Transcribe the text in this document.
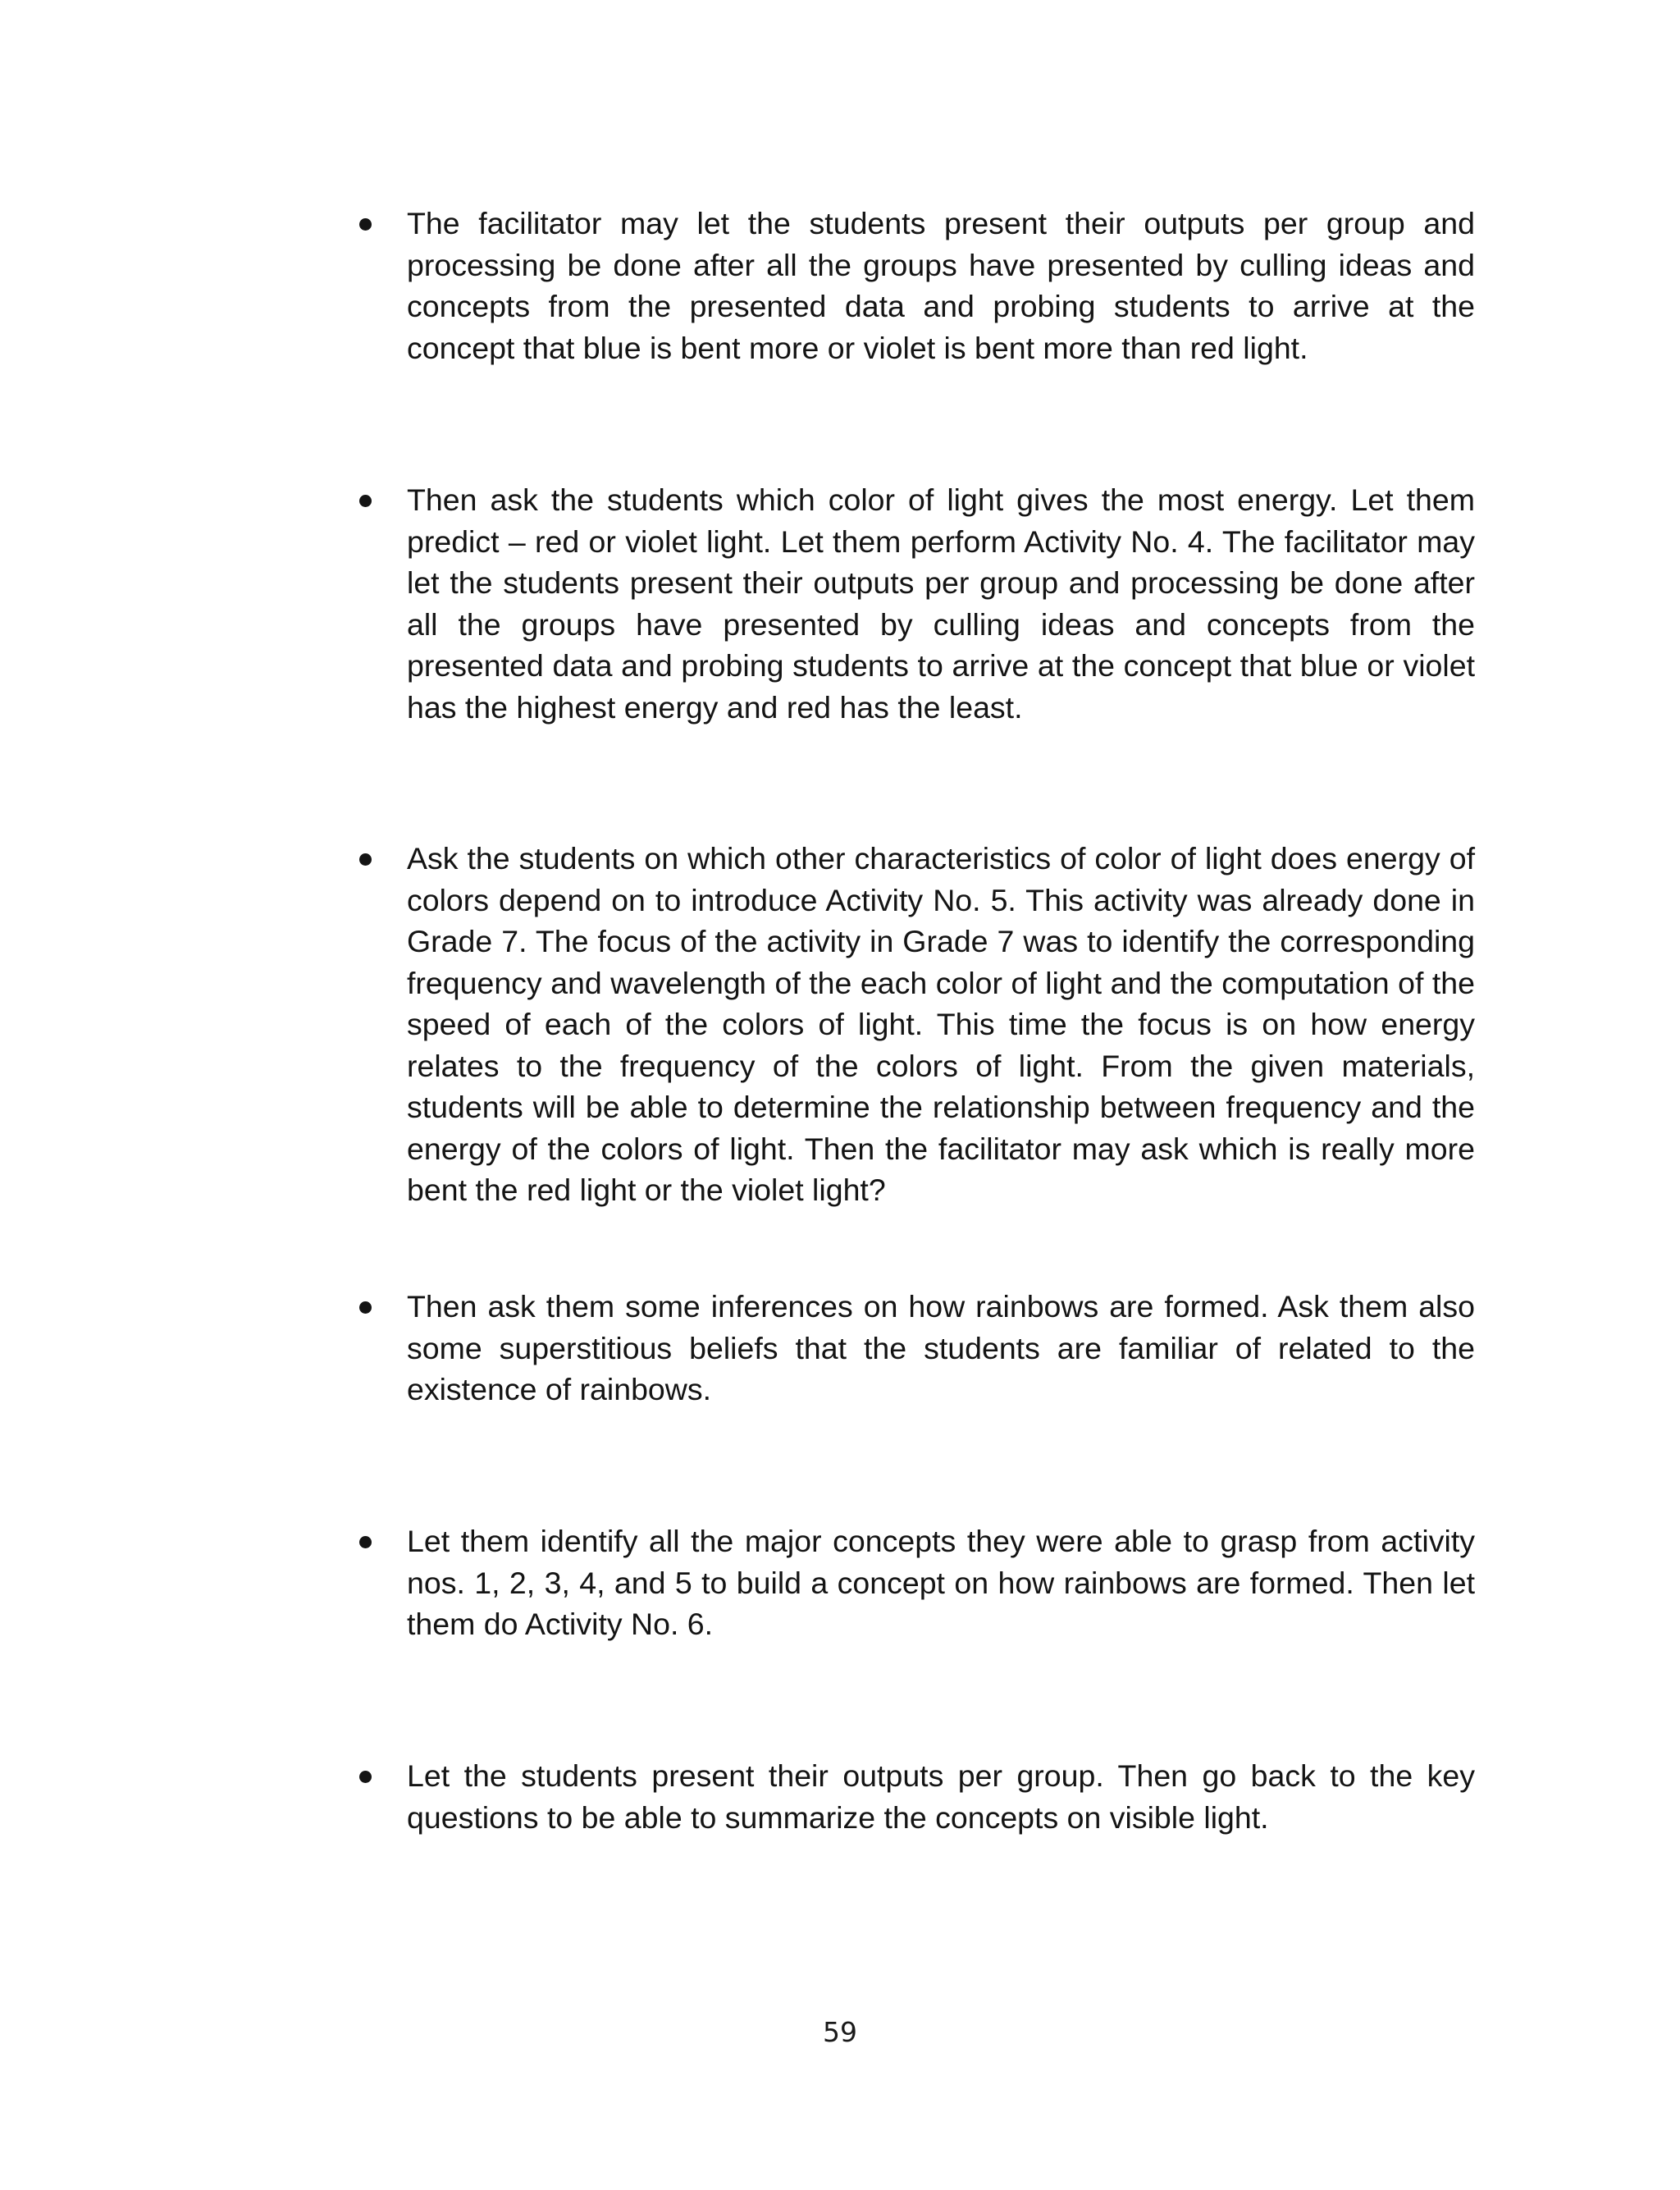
The facilitator may let the students present their outputs per group and processing be done after all the groups have presented by culling ideas and concepts from the presented data and probing students to arrive at the concept that blue is bent more or violet is bent more than red light.

Then ask the students which color of light gives the most energy. Let them predict – red or violet light. Let them perform Activity No. 4. The facilitator may let the students present their outputs per group and processing be done after all the groups have presented by culling ideas and concepts from the presented data and probing students to arrive at the concept that blue or violet has the highest energy and red has the least.

Ask the students on which other characteristics of color of light does energy of colors depend on to introduce Activity No. 5. This activity was already done in Grade 7. The focus of the activity in Grade 7 was to identify the corresponding frequency and wavelength of the each color of light and the computation of the speed of each of the colors of light. This time the focus is on how energy relates to the frequency of the colors of light. From the given materials, students will be able to determine the relationship between frequency and the energy of the colors of light. Then the facilitator may ask which is really more bent the red light or the violet light?

Then ask them some inferences on how rainbows are formed. Ask them also some superstitious beliefs that the students are familiar of related to the existence of rainbows.

Let them identify all the major concepts they were able to grasp from activity nos. 1, 2, 3, 4, and 5 to build a concept on how rainbows are formed. Then let them do Activity No. 6.

Let the students present their outputs per group. Then go back to the key questions to be able to summarize the concepts on visible light.

59
